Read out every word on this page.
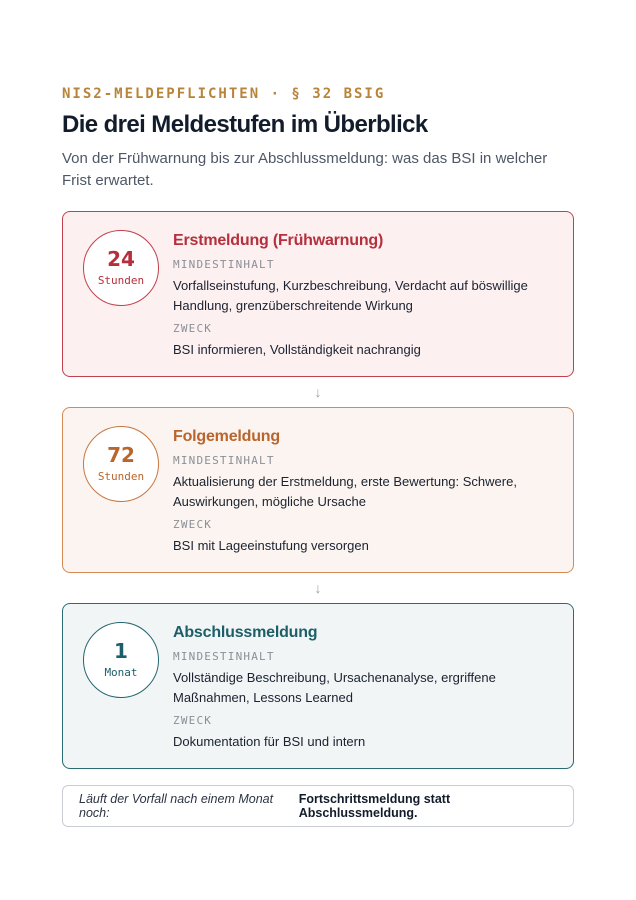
NIS2-MELDEPFLICHTEN · § 32 BSIG
Die drei Meldestufen im Überblick

Von der Frühwarnung bis zur Abschlussmeldung: was das BSI in welcher Frist erwartet.

24
Stunden
Erstmeldung (Frühwarnung)
MINDESTINHALT
Vorfallseinstufung, Kurzbeschreibung, Verdacht auf böswillige Handlung, grenzüberschreitende Wirkung
ZWECK
BSI informieren, Vollständigkeit nachrangig
↓
72
Stunden
Folgemeldung
MINDESTINHALT
Aktualisierung der Erstmeldung, erste Bewertung: Schwere, Auswirkungen, mögliche Ursache
ZWECK
BSI mit Lageeinstufung versorgen
↓
1
Monat
Abschlussmeldung
MINDESTINHALT
Vollständige Beschreibung, Ursachenanalyse, ergriffene Maßnahmen, Lessons Learned
ZWECK
Dokumentation für BSI und intern
Läuft der Vorfall nach einem Monat noch:
Fortschrittsmeldung statt Abschlussmeldung.
